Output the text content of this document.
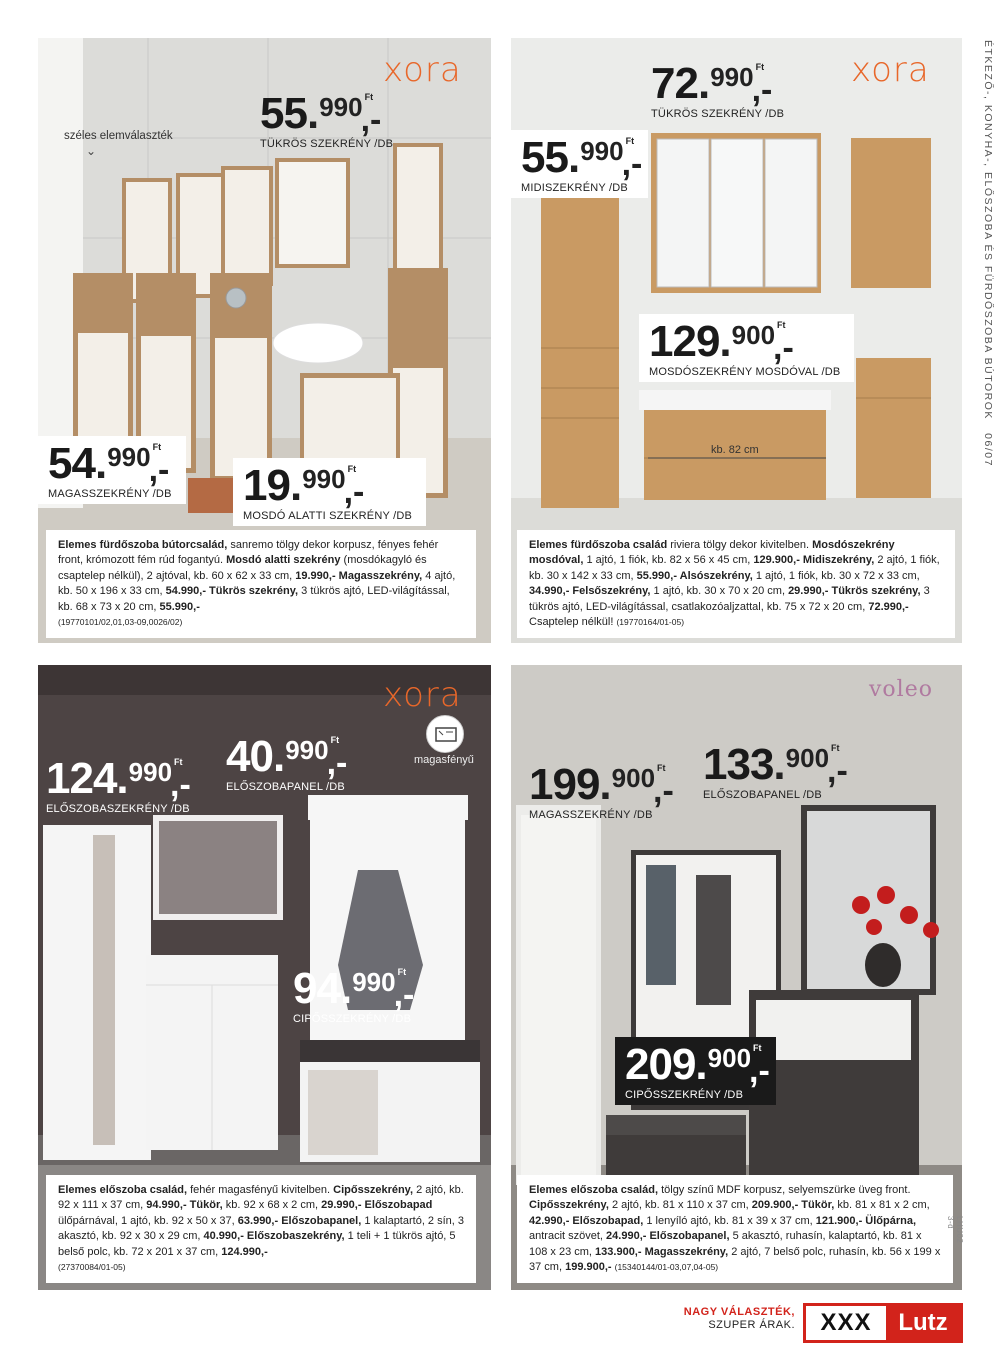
xora
széles elemválaszték
⌄
55.990 Ft ,-
TÜKRÖS SZEKRÉNY /DB
54.990 Ft ,-
MAGASSZEKRÉNY /DB 19.990 Ft ,-
MOSDÓ ALATTI SZEKRÉNY /DB
Elemes fürdőszoba bútorcsalád, sanremo tölgy dekor korpusz, fényes fehér front, krómozott fém rúd fogantyú. Mosdó alatti szekrény (mosdókagyló és csaptelep nélkül), 2 ajtóval, kb. 60 x 62 x 33 cm, 19.990,- Magasszekrény, 4 ajtó, kb. 50 x 196 x 33 cm, 54.990,- Tükrös szekrény, 3 tükrös ajtó, LED-világítással, kb. 68 x 73 x 20 cm, 55.990,-
(19770101/02,01,03-09,0026/02)
xora
kb. 82 cm
72.990 Ft ,-
TÜKRÖS SZEKRÉNY /DB
55.990 Ft ,-
MIDISZEKRÉNY /DB
129.900 Ft ,-
MOSDÓSZEKRÉNY MOSDÓVAL /DB
Elemes fürdőszoba család riviera tölgy dekor kivitelben. Mosdószekrény mosdóval, 1 ajtó, 1 fiók, kb. 82 x 56 x 45 cm, 129.900,- Midiszekrény, 2 ajtó, 1 fiók, kb. 30 x 142 x 33 cm, 55.990,- Alsószekrény, 1 ajtó, 1 fiók, kb. 30 x 72 x 33 cm, 34.990,- Felsőszekrény, 1 ajtó, kb. 30 x 70 x 20 cm, 29.990,- Tükrös szekrény, 3 tükrös ajtó, LED-világítással, csatlakozóaljzattal, kb. 75 x 72 x 20 cm, 72.990,- Csaptelep nélkül! (19770164/01-05)
xora
magasfényű
124.990 Ft ,-
ELŐSZOBASZEKRÉNY /DB
40.990 Ft ,-
ELŐSZOBAPANEL /DB
94.990 Ft ,-
CIPŐSSZEKRÉNY /DB
Elemes előszoba család, fehér magasfényű kivitelben. Cipősszekrény, 2 ajtó, kb. 92 x 111 x 37 cm, 94.990,- Tükör, kb. 92 x 68 x 2 cm, 29.990,- Előszobapad ülőpárnával, 1 ajtó, kb. 92 x 50 x 37, 63.990,- Előszobapanel, 1 kalaptartó, 2 sín, 3 akasztó, kb. 92 x 30 x 29 cm, 40.990,- Előszobaszekrény, 1 teli + 1 tükrös ajtó, 5 belső polc, kb. 72 x 201 x 37 cm, 124.990,-
(27370084/01-05)
voleo
199.900 Ft ,-
MAGASSZEKRÉNY /DB
133.900 Ft ,-
ELŐSZOBAPANEL /DB
209.900 Ft ,-
CIPŐSSZEKRÉNY /DB
Elemes előszoba család, tölgy színű MDF korpusz, selyemszürke üveg front. Cipősszekrény, 2 ajtó, kb. 81 x 110 x 37 cm, 209.900,- Tükör, kb. 81 x 81 x 2 cm, 42.990,- Előszobapad, 1 lenyíló ajtó, kb. 81 x 39 x 37 cm, 121.900,- Ülőpárna, antracit szövet, 24.990,- Előszobapanel, 5 akasztó, ruhasín, kalaptartó, kb. 81 x 108 x 23 cm, 133.900,- Magasszekrény, 2 ajtó, 7 belső polc, ruhasín, kb. 56 x 199 x 37 cm, 199.900,- (15340144/01-03,07,04-05)
ÉTKEZŐ-, KONYHA-, ELŐSZOBA ÉS FÜRDŐSZOBA BÚTOROK   06/07
LHU02 3-d
NAGY VÁLASZTÉK,
SZUPER ÁRAK.	XXX	Lutz
